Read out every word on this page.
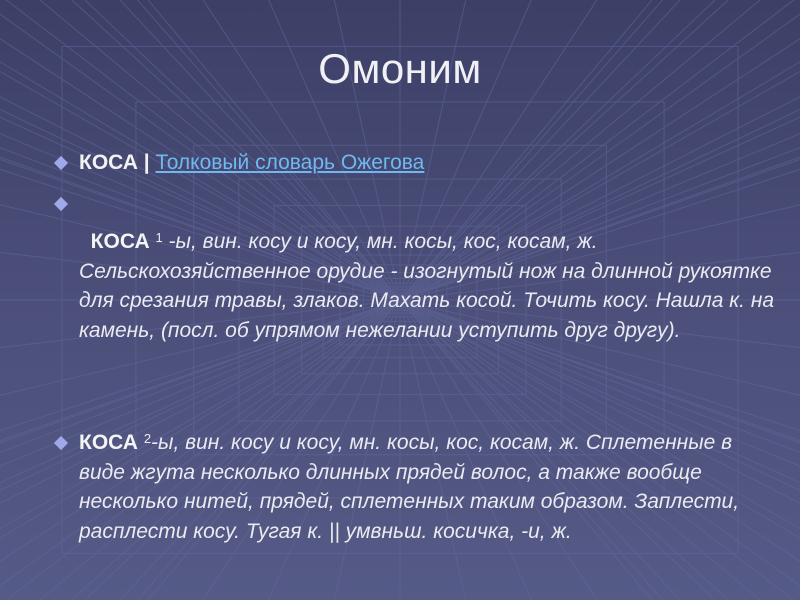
Омоним
КОСА | Толковый словарь Ожегова
КОСА $^1$ -ы, вин. косу и косу, мн. косы, кос, косам, ж. Сельскохозяйственное орудие - изогнутый нож на длинной рукоятке для срезания травы, злаков. Махать косой. Точить косу. Нашла к. на камень, (посл. об упрямом нежелании уступить друг другу).
КОСА $^2$-ы, вин. косу и косу, мн. косы, кос, косам, ж. Сплетенные в виде жгута несколько длинных прядей волос, а также вообще несколько нитей, прядей, сплетенных таким образом. Заплести, расплести косу. Тугая к. || умвньш. косичка, -и, ж.
